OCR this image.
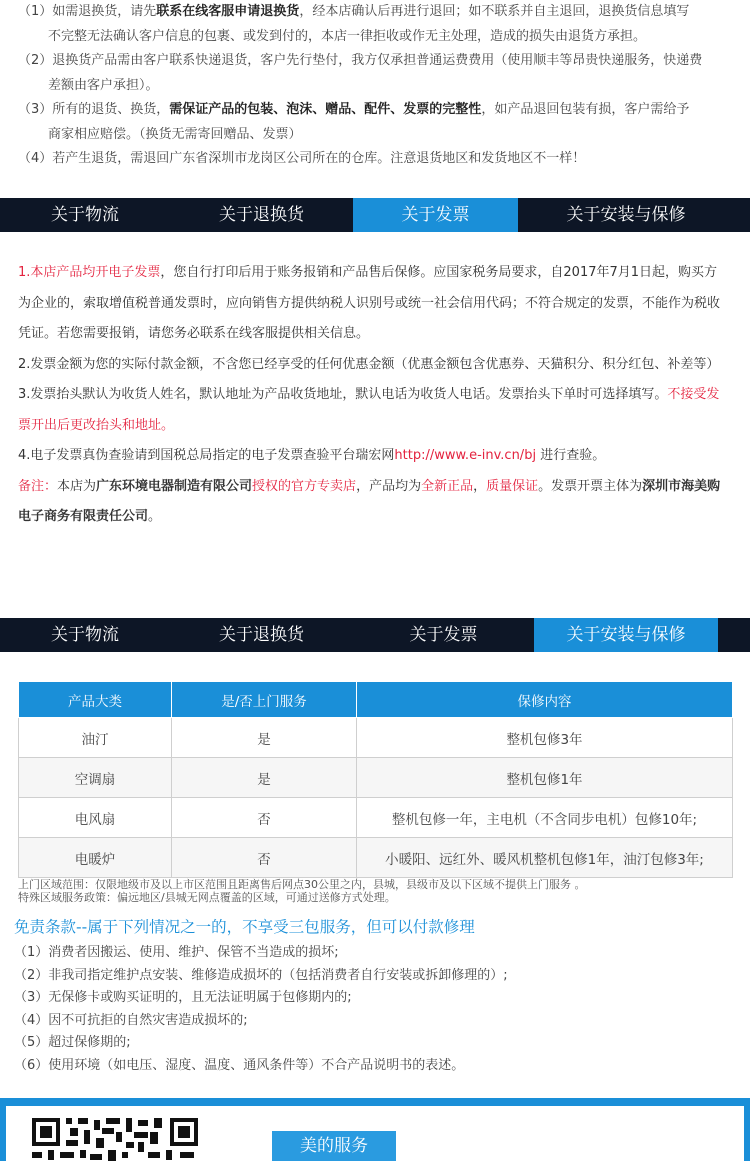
（1）如需退换货，请先联系在线客服申请退换货，经本店确认后再进行退回；如不联系并自主退回，退换货信息填写

不完整无法确认客户信息的包裹、或发到付的，本店一律拒收或作无主处理，造成的损失由退货方承担。

（2）退换货产品需由客户联系快递退货，客户先行垫付，我方仅承担普通运费费用（使用顺丰等昂贵快递服务，快递费

差额由客户承担）。

（3）所有的退货、换货，需保证产品的包装、泡沫、赠品、配件、发票的完整性，如产品退回包装有损，客户需给予

商家相应赔偿。（换货无需寄回赠品、发票）

（4）若产生退货，需退回广东省深圳市龙岗区公司所在的仓库。注意退货地区和发货地区不一样！

关于物流	关于退换货	关于发票	关于安装与保修

1.本店产品均开电子发票，您自行打印后用于账务报销和产品售后保修。应国家税务局要求，自2017年7月1日起，购买方为企业的，索取增值税普通发票时，应向销售方提供纳税人识别号或统一社会信用代码；不符合规定的发票，不能作为税收凭证。若您需要报销，请您务必联系在线客服提供相关信息。

2.发票金额为您的实际付款金额，不含您已经享受的任何优惠金额（优惠金额包含优惠券、天猫积分、积分红包、补差等）

3.发票抬头默认为收货人姓名，默认地址为产品收货地址，默认电话为收货人电话。发票抬头下单时可选择填写。不接受发票开出后更改抬头和地址。

4.电子发票真伪查验请到国税总局指定的电子发票查验平台瑞宏网http://www.e-inv.cn/bj 进行查验。

备注：本店为广东环境电器制造有限公司授权的官方专卖店，产品均为全新正品，质量保证。发票开票主体为深圳市海美购电子商务有限责任公司。

关于物流	关于退换货	关于发票	关于安装与保修
产品大类	是/否上门服务	保修内容
油汀	是	整机包修3年
空调扇	是	整机包修1年
电风扇	否	整机包修一年，主电机（不含同步电机）包修10年;
电暖炉	否	小暖阳、远红外、暖风机整机包修1年，油汀包修3年;
上门区域范围：仅限地级市及以上市区范围且距离售后网点30公里之内，县城，县级市及以下区域不提供上门服务 。
特殊区域服务政策：偏远地区/县城无网点覆盖的区域，可通过送修方式处理。
免责条款--属于下列情况之一的，不享受三包服务，但可以付款修理

（1）消费者因搬运、使用、维护、保管不当造成的损坏;

（2）非我司指定维护点安装、维修造成损坏的（包括消费者自行安装或拆卸修理的）;

（3）无保修卡或购买证明的，且无法证明属于包修期内的;

（4）因不可抗拒的自然灾害造成损坏的;

（5）超过保修期的;

（6）使用环境（如电压、湿度、温度、通风条件等）不合产品说明书的表述。

美的服务
